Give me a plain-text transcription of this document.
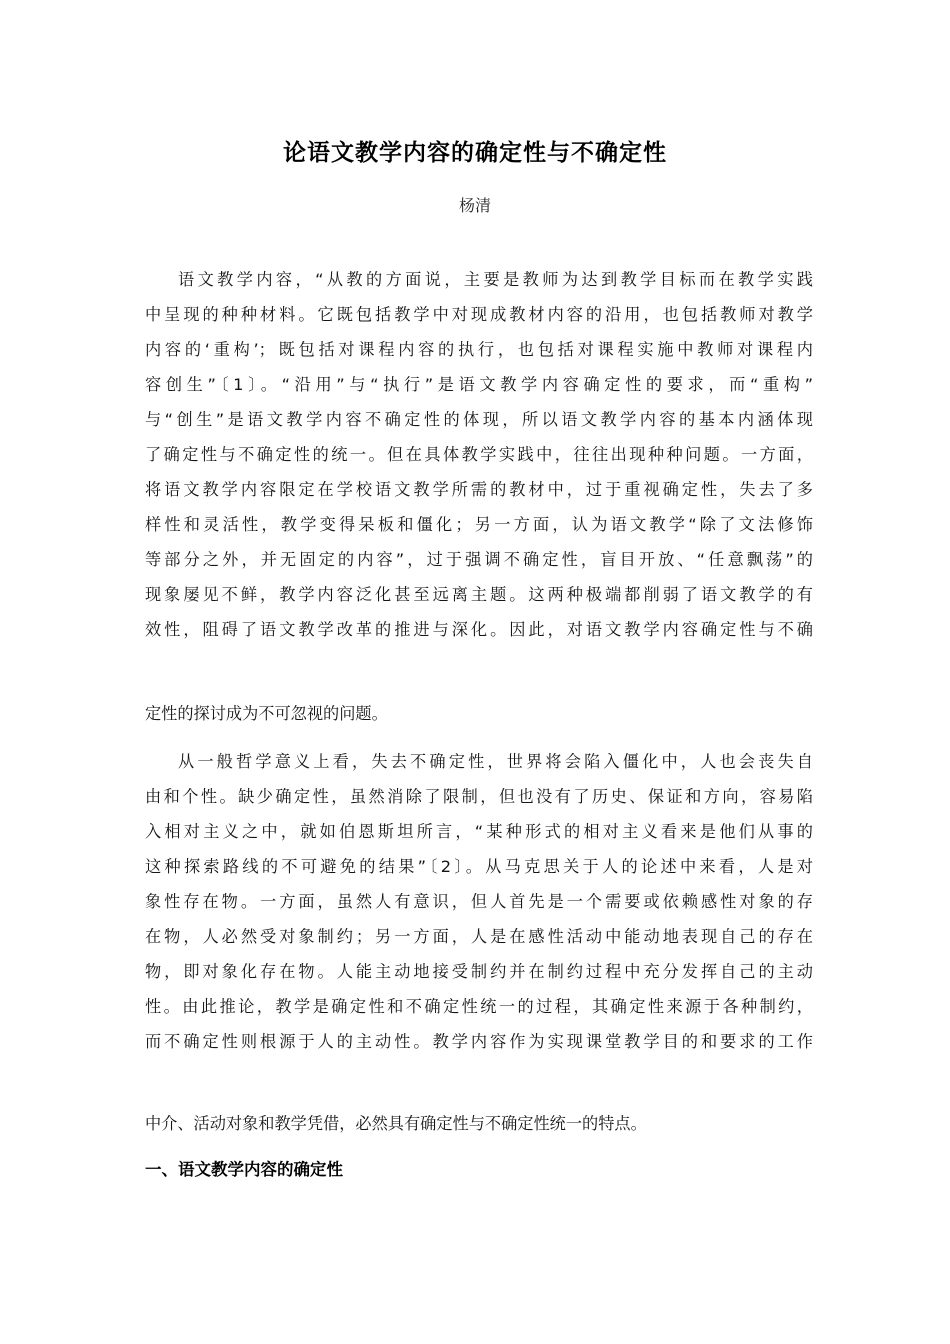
论语文教学内容的确定性与不确定性
杨清
语文教学内容，“从教的方面说，主要是教师为达到教学目标而在教学实践
中呈现的种种材料。它既包括教学中对现成教材内容的沿用，也包括教师对教学
内容的‘重构’；既包括对课程内容的执行，也包括对课程实施中教师对课程内
容创生”〔1〕。“沿用”与“执行”是语文教学内容确定性的要求，而“重构”
与“创生”是语文教学内容不确定性的体现，所以语文教学内容的基本内涵体现
了确定性与不确定性的统一。但在具体教学实践中，往往出现种种问题。一方面，
将语文教学内容限定在学校语文教学所需的教材中，过于重视确定性，失去了多
样性和灵活性，教学变得呆板和僵化；另一方面，认为语文教学“除了文法修饰
等部分之外，并无固定的内容”，过于强调不确定性，盲目开放、“任意飘荡”的
现象屡见不鲜，教学内容泛化甚至远离主题。这两种极端都削弱了语文教学的有
效性，阻碍了语文教学改革的推进与深化。因此，对语文教学内容确定性与不确
定性的探讨成为不可忽视的问题。
从一般哲学意义上看，失去不确定性，世界将会陷入僵化中，人也会丧失自
由和个性。缺少确定性，虽然消除了限制，但也没有了历史、保证和方向，容易陷
入相对主义之中，就如伯恩斯坦所言，“某种形式的相对主义看来是他们从事的
这种探索路线的不可避免的结果”〔2〕。从马克思关于人的论述中来看，人是对
象性存在物。一方面，虽然人有意识，但人首先是一个需要或依赖感性对象的存
在物，人必然受对象制约；另一方面，人是在感性活动中能动地表现自己的存在
物，即对象化存在物。人能主动地接受制约并在制约过程中充分发挥自己的主动
性。由此推论，教学是确定性和不确定性统一的过程，其确定性来源于各种制约，
而不确定性则根源于人的主动性。教学内容作为实现课堂教学目的和要求的工作
中介、活动对象和教学凭借，必然具有确定性与不确定性统一的特点。
一、语文教学内容的确定性
